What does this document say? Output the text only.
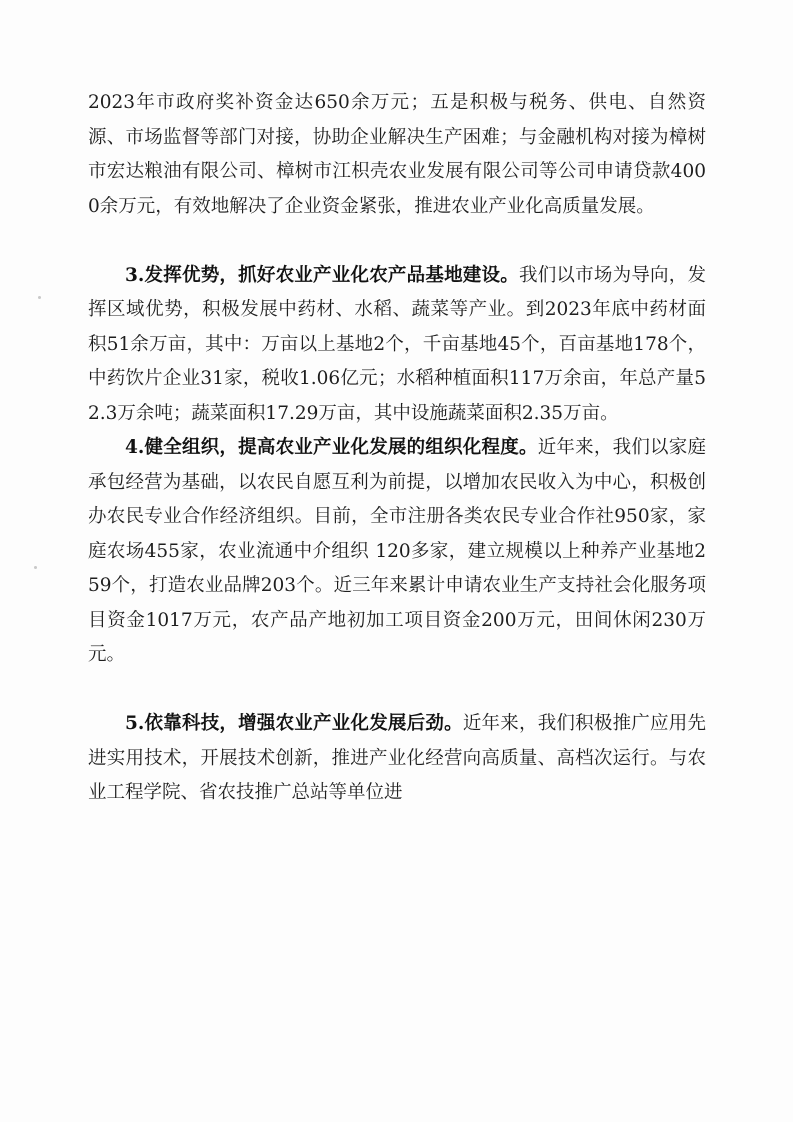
2023年市政府奖补资金达650余万元；五是积极与税务、供电、自然资源、市场监督等部门对接，协助企业解决生产困难；与金融机构对接为樟树市宏达粮油有限公司、樟树市江枳壳农业发展有限公司等公司申请贷款4000余万元，有效地解决了企业资金紧张，推进农业产业化高质量发展。

3.发挥优势，抓好农业产业化农产品基地建设。我们以市场为导向，发挥区域优势，积极发展中药材、水稻、蔬菜等产业。到2023年底中药材面积51余万亩，其中：万亩以上基地2个，千亩基地45个，百亩基地178个，中药饮片企业31家，税收1.06亿元；水稻种植面积117万余亩，年总产量52.3万余吨；蔬菜面积17.29万亩，其中设施蔬菜面积2.35万亩。

4.健全组织，提高农业产业化发展的组织化程度。近年来，我们以家庭承包经营为基础，以农民自愿互利为前提，以增加农民收入为中心，积极创办农民专业合作经济组织。目前，全市注册各类农民专业合作社950家，家庭农场455家，农业流通中介组织 120多家，建立规模以上种养产业基地259个，打造农业品牌203个。近三年来累计申请农业生产支持社会化服务项目资金1017万元，农产品产地初加工项目资金200万元，田间休闲230万元。

5.依靠科技，增强农业产业化发展后劲。近年来，我们积极推广应用先进实用技术，开展技术创新，推进产业化经营向高质量、高档次运行。与农业工程学院、省农技推广总站等单位进
